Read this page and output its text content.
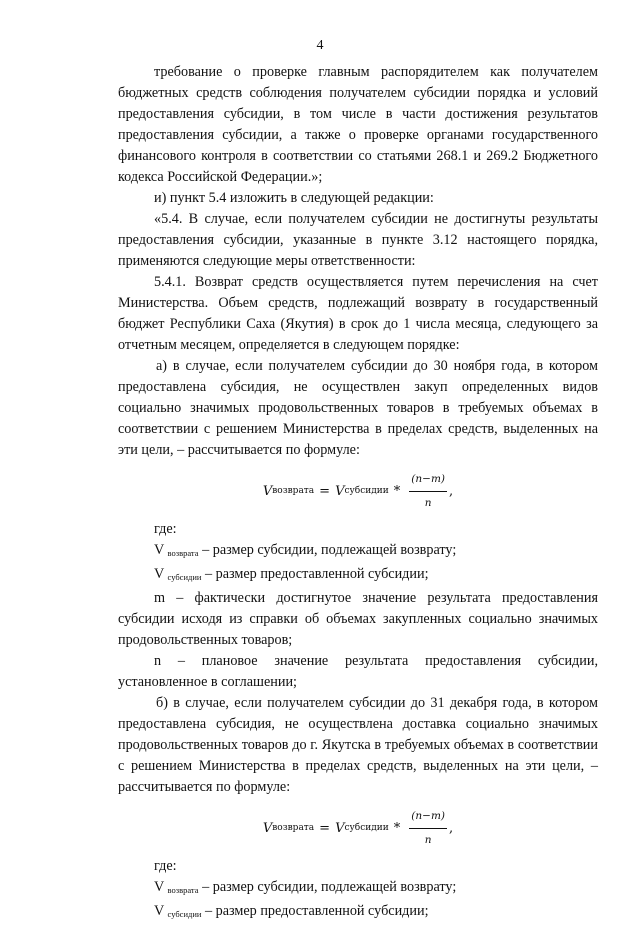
4

требование о проверке главным распорядителем как получателем бюджетных средств соблюдения получателем субсидии порядка и условий предоставления субсидии, в том числе в части достижения результатов предоставления субсидии, а также о проверке органами государственного финансового контроля в соответствии со статьями 268.1 и 269.2 Бюджетного кодекса Российской Федерации.»;

и) пункт 5.4 изложить в следующей редакции:

«5.4. В случае, если получателем субсидии не достигнуты результаты предоставления субсидии, указанные в пункте 3.12 настоящего порядка, применяются следующие меры ответственности:

5.4.1. Возврат средств осуществляется путем перечисления на счет Министерства. Объем средств, подлежащий возврату в государственный бюджет Республики Саха (Якутия) в срок до 1 числа месяца, следующего за отчетным месяцем, определяется в следующем порядке:

а) в случае, если получателем субсидии до 30 ноября года, в котором предоставлена субсидия, не осуществлен закуп определенных видов социально значимых продовольственных товаров в требуемых объемах в соответствии с решением Министерства в пределах средств, выделенных на эти цели, – рассчитывается по формуле:

V возврата = V субсидии * $\frac{(n-m)}{n}$ ,

где:

V возврата – размер субсидии, подлежащей возврату;

V субсидии – размер предоставленной субсидии;

m – фактически достигнутое значение результата предоставления субсидии исходя из справки об объемах закупленных социально значимых продовольственных товаров;

n – плановое значение результата предоставления субсидии, установленное в соглашении;

б) в случае, если получателем субсидии до 31 декабря года, в котором предоставлена субсидия, не осуществлена доставка социально значимых продовольственных товаров до г. Якутска в требуемых объемах в соответствии с решением Министерства в пределах средств, выделенных на эти цели, – рассчитывается по формуле:

V возврата = V субсидии * $\frac{(n-m)}{n}$ ,

где:

V возврата – размер субсидии, подлежащей возврату;

V субсидии – размер предоставленной субсидии;
